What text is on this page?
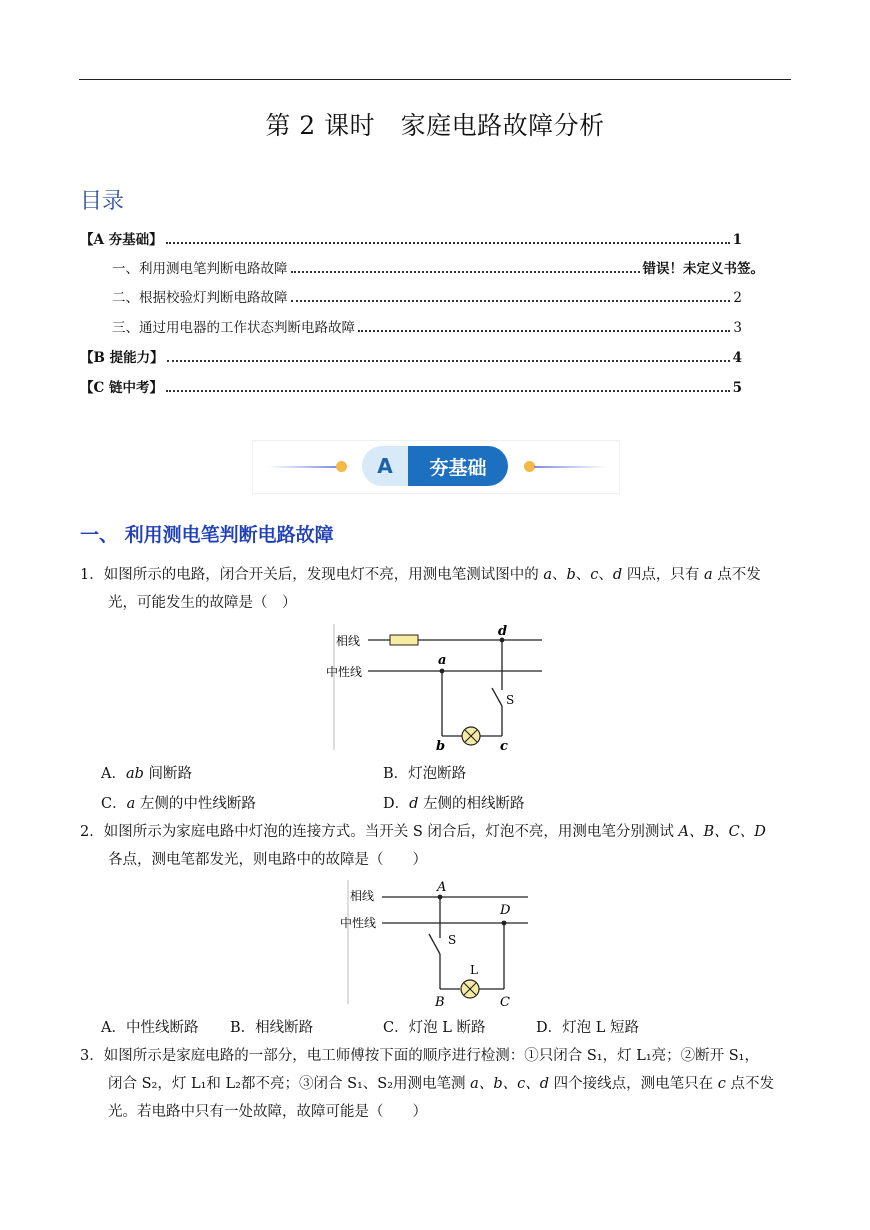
第 2 课时　家庭电路故障分析
目录
【A 夯基础】	1
一、利用测电笔判断电路故障	错误！未定义书签。
二、根据校验灯判断电路故障	2
三、通过用电器的工作状态判断电路故障	3
【B 提能力】	4
【C 链中考】	5
A	夯基础
一、 利用测电笔判断电路故障
1．如图所示的电路，闭合开关后，发现电灯不亮，用测电笔测试图中的 a、b、c、d 四点，只有 a 点不发
光，可能发生的故障是（　）
相线
中性线
a
d
S
b	c
A．ab 间断路	B．灯泡断路
C．a 左侧的中性线断路	D．d 左侧的相线断路
2．如图所示为家庭电路中灯泡的连接方式。当开关 S 闭合后，灯泡不亮，用测电笔分别测试 A、B、C、D
各点，测电笔都发光，则电路中的故障是（　　）
相线
中性线
A
D
S
L
B	C
A．中性线断路 B．相线断路	C．灯泡 L 断路	D．灯泡 L 短路
3．如图所示是家庭电路的一部分，电工师傅按下面的顺序进行检测：①只闭合 S₁，灯 L₁亮；②断开 S₁，
闭合 S₂，灯 L₁和 L₂都不亮；③闭合 S₁、S₂用测电笔测 a、b、c、d 四个接线点，测电笔只在 c 点不发
光。若电路中只有一处故障，故障可能是（　　）
